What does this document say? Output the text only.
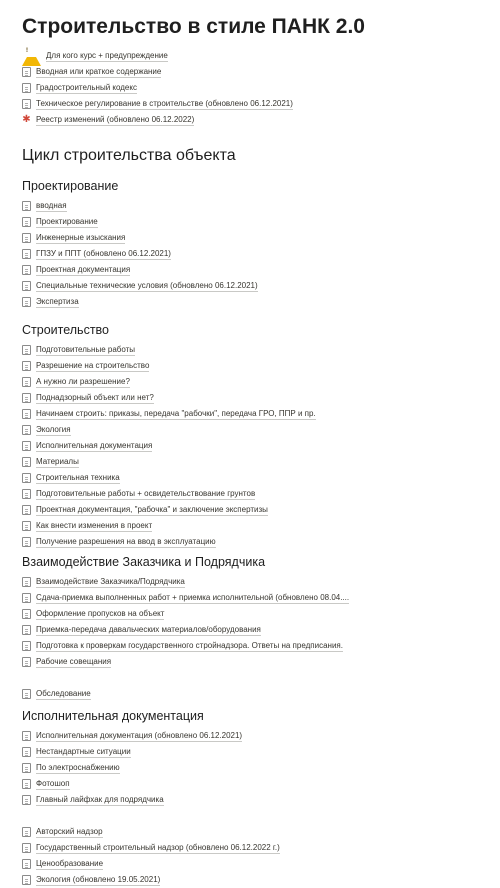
Строительство в стиле ПАНК 2.0
!
Для кого курс + предупреждение
Вводная или краткое содержание
Градостроительный кодекс
Техническое регулирование в строительстве (обновлено 06.12.2021)
✱ Реестр изменений (обновлено 06.12.2022)
Цикл строительства объекта
Проектирование
вводная
Проектирование
Инженерные изыскания
ГПЗУ и ППТ (обновлено 06.12.2021)
Проектная документация
Специальные технические условия (обновлено 06.12.2021)
Экспертиза
Строительство
Подготовительные работы
Разрешение на строительство
А нужно ли разрешение?
Поднадзорный объект или нет?
Начинаем строить: приказы, передача "рабочки", передача ГРО, ППР и пр.
Экология
Исполнительная документация
Материалы
Строительная техника
Подготовительные работы + освидетельствование грунтов
Проектная документация, "рабочка" и заключение экспертизы
Как внести изменения в проект
Получение разрешения на ввод в эксплуатацию
Взаимодействие Заказчика и Подрядчика
Взаимодействие Заказчика/Подрядчика
Сдача-приемка выполненных работ + приемка исполнительной (обновлено 08.04....
Оформление пропусков на объект
Приемка-передача давальческих материалов/оборудования
Подготовка к проверкам государственного стройнадзора. Ответы на предписания.
Рабочие совещания
Обследование
Исполнительная документация
Исполнительная документация (обновлено 06.12.2021)
Нестандартные ситуации
По электроснабжению
Фотошоп
Главный лайфхак для подрядчика
Авторский надзор
Государственный строительный надзор (обновлено 06.12.2022 г.)
Ценообразование
Экология (обновлено 19.05.2021)
